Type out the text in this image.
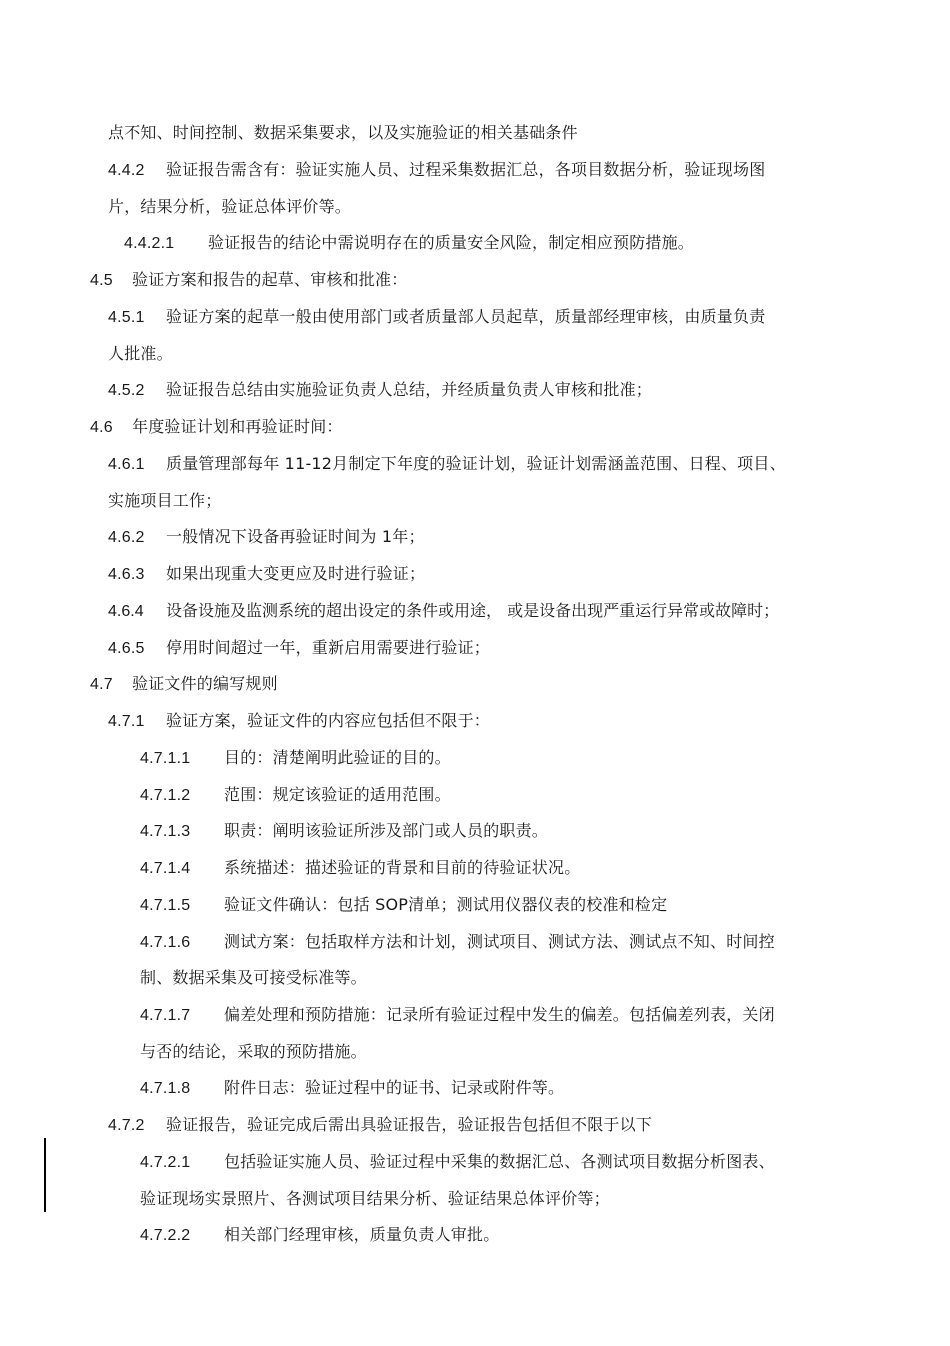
点不知、时间控制、数据采集要求，以及实施验证的相关基础条件
4.4.2 验证报告需含有：验证实施人员、过程采集数据汇总，各项目数据分析，验证现场图
片，结果分析，验证总体评价等。
4.4.2.1 验证报告的结论中需说明存在的质量安全风险，制定相应预防措施。
4.5 验证方案和报告的起草、审核和批准：
4.5.1 验证方案的起草一般由使用部门或者质量部人员起草，质量部经理审核，由质量负责
人批准。
4.5.2 验证报告总结由实施验证负责人总结，并经质量负责人审核和批准；
4.6 年度验证计划和再验证时间：
4.6.1 质量管理部每年 11-12月制定下年度的验证计划，验证计划需涵盖范围、日程、项目、
实施项目工作；
4.6.2 一般情况下设备再验证时间为 1年；
4.6.3 如果出现重大变更应及时进行验证；
4.6.4 设备设施及监测系统的超出设定的条件或用途， 或是设备出现严重运行异常或故障时；
4.6.5 停用时间超过一年，重新启用需要进行验证；
4.7 验证文件的编写规则
4.7.1 验证方案，验证文件的内容应包括但不限于：
4.7.1.1 目的：清楚阐明此验证的目的。
4.7.1.2 范围：规定该验证的适用范围。
4.7.1.3 职责：阐明该验证所涉及部门或人员的职责。
4.7.1.4 系统描述：描述验证的背景和目前的待验证状况。
4.7.1.5 验证文件确认：包括 SOP清单；测试用仪器仪表的校准和检定
4.7.1.6 测试方案：包括取样方法和计划，测试项目、测试方法、测试点不知、时间控
制、数据采集及可接受标准等。
4.7.1.7 偏差处理和预防措施：记录所有验证过程中发生的偏差。包括偏差列表，关闭
与否的结论，采取的预防措施。
4.7.1.8 附件日志：验证过程中的证书、记录或附件等。
4.7.2 验证报告，验证完成后需出具验证报告，验证报告包括但不限于以下
4.7.2.1 包括验证实施人员、验证过程中采集的数据汇总、各测试项目数据分析图表、
验证现场实景照片、各测试项目结果分析、验证结果总体评价等；
4.7.2.2 相关部门经理审核，质量负责人审批。
